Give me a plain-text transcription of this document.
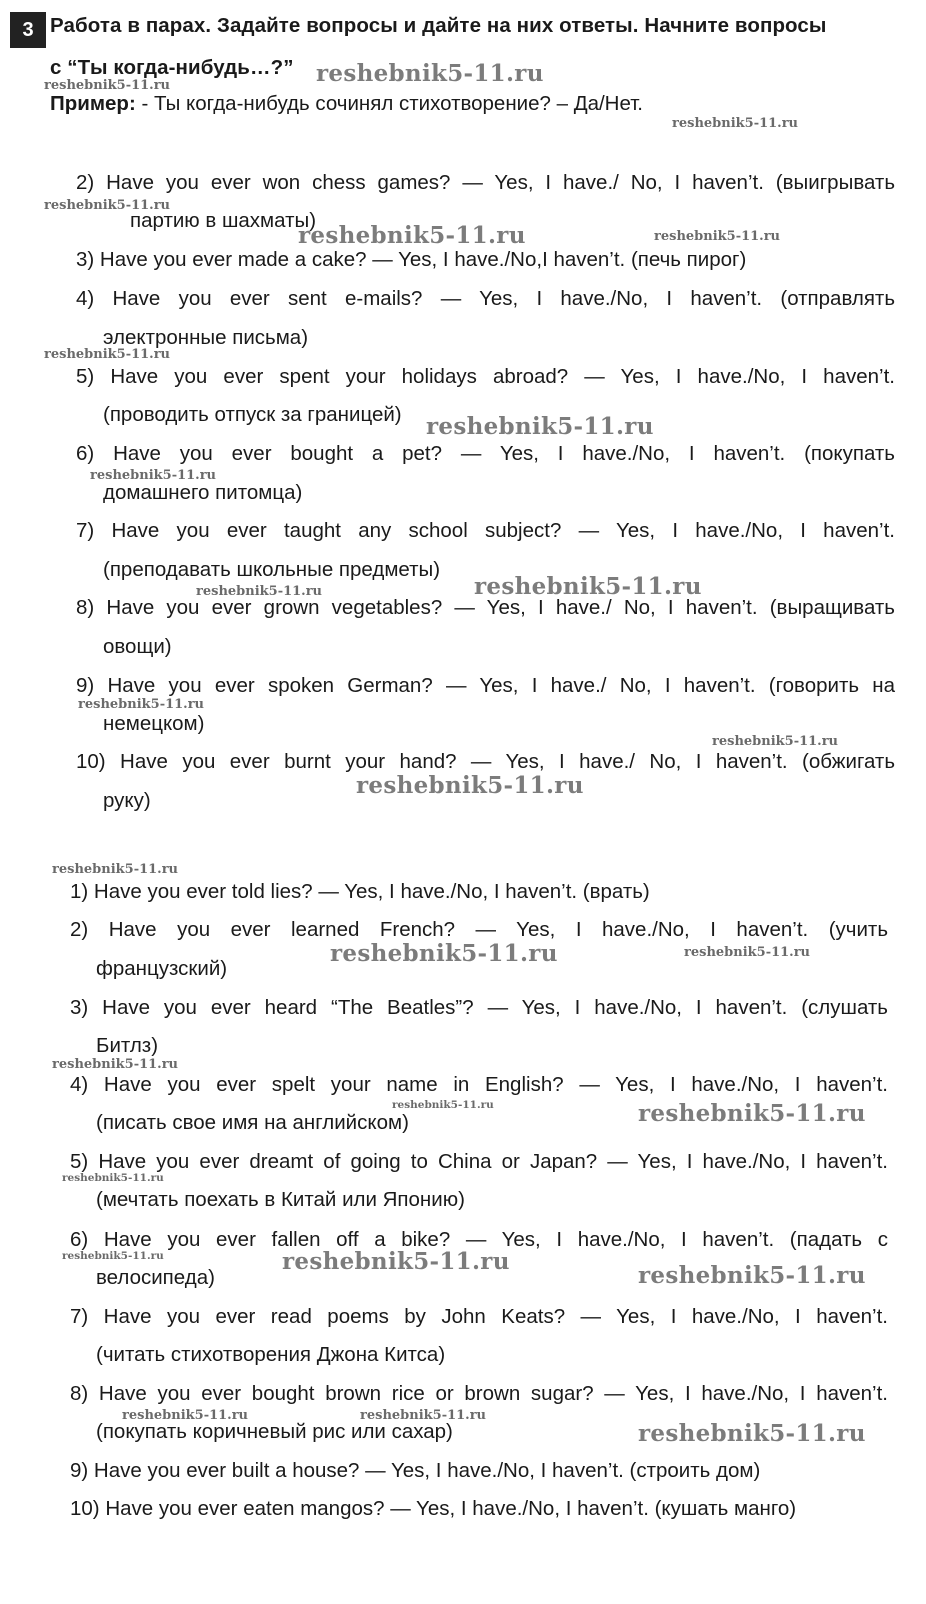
3 Работа в парах. Задайте вопросы и дайте на них ответы. Начните вопросы
с “Ты когда-нибудь…?”
Пример: - Ты когда-нибудь сочинял стихотворение? – Да/Нет.
2) Have you ever won chess games? — Yes, I have./ No, I haven’t. (выигрывать
партию в шахматы)
3) Have you ever made a cake? — Yes, I have./No,I haven’t. (печь пирог)
4) Have you ever sent e-mails? — Yes, I have./No, I haven’t. (отправлять
электронные письма)
5) Have you ever spent your holidays abroad? — Yes, I have./No, I haven’t.
(проводить отпуск за границей)
6) Have you ever bought a pet? — Yes, I have./No, I haven’t. (покупать
домашнего питомца)
7) Have you ever taught any school subject? — Yes, I have./No, I haven’t.
(преподавать школьные предметы)
8) Have you ever grown vegetables? — Yes, I have./ No, I haven’t. (выращивать
овощи)
9) Have you ever spoken German? — Yes, I have./ No, I haven’t. (говорить на
немецком)
10) Have you ever burnt your hand? — Yes, I have./ No, I haven’t. (обжигать
руку)
1) Have you ever told lies? — Yes, I have./No, I haven’t. (врать)
2) Have you ever learned French? — Yes, I have./No, I haven’t. (учить
французский)
3) Have you ever heard “The Beatles”? — Yes, I have./No, I haven’t. (слушать
Битлз)
4) Have you ever spelt your name in English? — Yes, I have./No, I haven’t.
(писать свое имя на английском)
5) Have you ever dreamt of going to China or Japan? — Yes, I have./No, I haven’t.
(мечтать поехать в Китай или Японию)
6) Have you ever fallen off a bike? — Yes, I have./No, I haven’t. (падать с
велосипеда)
7) Have you ever read poems by John Keats? — Yes, I have./No, I haven’t.
(читать стихотворения Джона Китса)
8) Have you ever bought brown rice or brown sugar? — Yes, I have./No, I haven’t.
(покупать коричневый рис или сахар)
9) Have you ever built a house? — Yes, I have./No, I haven’t. (строить дом)
10) Have you ever eaten mangos? — Yes, I have./No, I haven’t. (кушать манго)
reshebnik5-11.ru
reshebnik5-11.ru
reshebnik5-11.ru
reshebnik5-11.ru
reshebnik5-11.ru	reshebnik5-11.ru
reshebnik5-11.ru
reshebnik5-11.ru
reshebnik5-11.ru
reshebnik5-11.ru
reshebnik5-11.ru
reshebnik5-11.ru
reshebnik5-11.ru
reshebnik5-11.ru
reshebnik5-11.ru
reshebnik5-11.ru	reshebnik5-11.ru
reshebnik5-11.ru
reshebnik5-11.ru	reshebnik5-11.ru
reshebnik5-11.ru
reshebnik5-11.ru
reshebnik5-11.ru
reshebnik5-11.ru
reshebnik5-11.ru	reshebnik5-11.ru
reshebnik5-11.ru
